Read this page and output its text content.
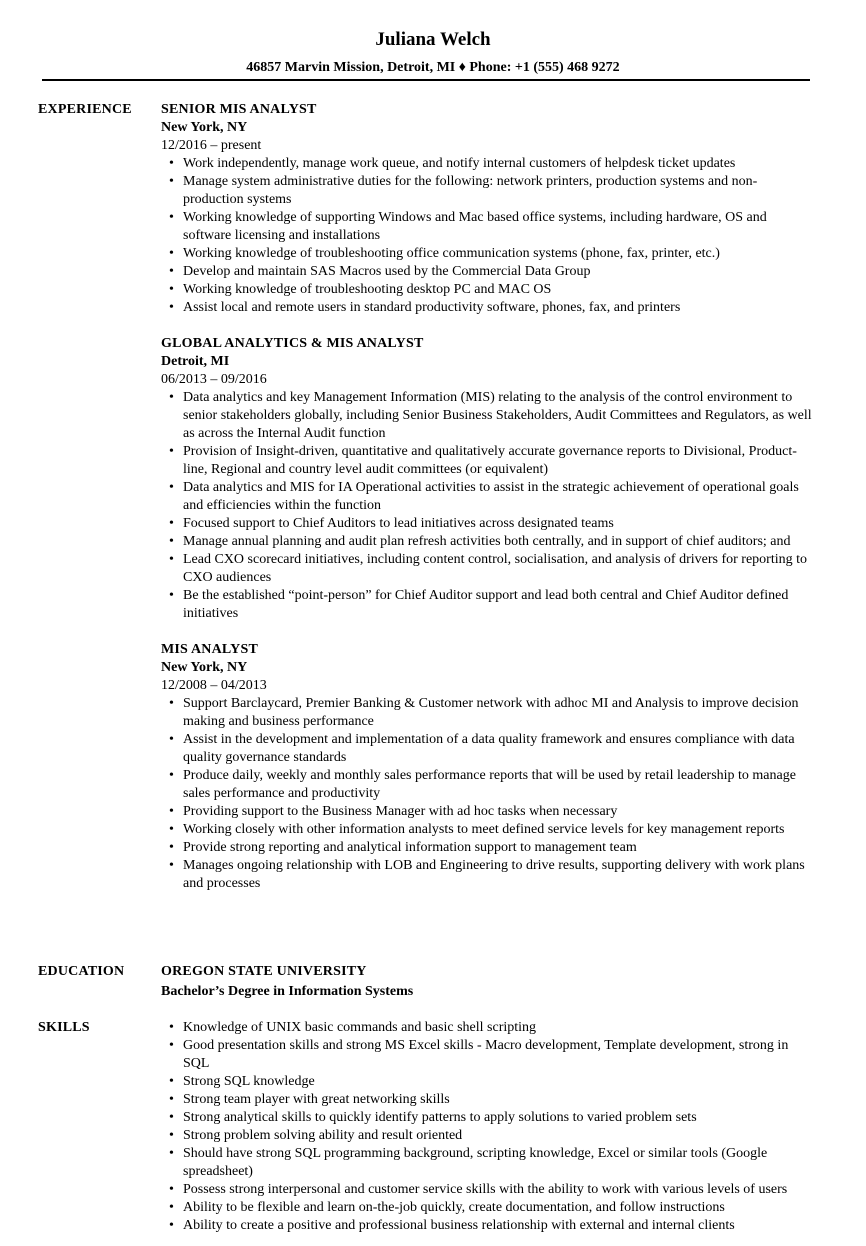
Juliana Welch
46857 Marvin Mission, Detroit, MI ♦ Phone: +1 (555) 468 9272
EXPERIENCE SENIOR MIS ANALYST
New York, NY
12/2016 – present
• Work independently, manage work queue, and notify internal customers of helpdesk ticket updates
• Manage system administrative duties for the following: network printers, production systems and non-production systems
• Working knowledge of supporting Windows and Mac based office systems, including hardware, OS and software licensing and installations
• Working knowledge of troubleshooting office communication systems (phone, fax, printer, etc.)
• Develop and maintain SAS Macros used by the Commercial Data Group
• Working knowledge of troubleshooting desktop PC and MAC OS
• Assist local and remote users in standard productivity software, phones, fax, and printers
GLOBAL ANALYTICS & MIS ANALYST
Detroit, MI
06/2013 – 09/2016
• Data analytics and key Management Information (MIS) relating to the analysis of the control environment to senior stakeholders globally, including Senior Business Stakeholders, Audit Committees and Regulators, as well as across the Internal Audit function
• Provision of Insight-driven, quantitative and qualitatively accurate governance reports to Divisional, Product-line, Regional and country level audit committees (or equivalent)
• Data analytics and MIS for IA Operational activities to assist in the strategic achievement of operational goals and efficiencies within the function
• Focused support to Chief Auditors to lead initiatives across designated teams
• Manage annual planning and audit plan refresh activities both centrally, and in support of chief auditors; and
• Lead CXO scorecard initiatives, including content control, socialisation, and analysis of drivers for reporting to CXO audiences
• Be the established “point-person” for Chief Auditor support and lead both central and Chief Auditor defined initiatives
MIS ANALYST
New York, NY
12/2008 – 04/2013
• Support Barclaycard, Premier Banking & Customer network with adhoc MI and Analysis to improve decision making and business performance
• Assist in the development and implementation of a data quality framework and ensures compliance with data quality governance standards
• Produce daily, weekly and monthly sales performance reports that will be used by retail leadership to manage sales performance and productivity
• Providing support to the Business Manager with ad hoc tasks when necessary
• Working closely with other information analysts to meet defined service levels for key management reports
• Provide strong reporting and analytical information support to management team
• Manages ongoing relationship with LOB and Engineering to drive results, supporting delivery with work plans and processes
EDUCATION	OREGON STATE UNIVERSITY
Bachelor’s Degree in Information Systems
SKILLS
•	Knowledge of UNIX basic commands and basic shell scripting
• Good presentation skills and strong MS Excel skills - Macro development, Template development, strong in SQL
• Strong SQL knowledge
• Strong team player with great networking skills
• Strong analytical skills to quickly identify patterns to apply solutions to varied problem sets
• Strong problem solving ability and result oriented
• Should have strong SQL programming background, scripting knowledge, Excel or similar tools (Google spreadsheet)
• Possess strong interpersonal and customer service skills with the ability to work with various levels of users
• Ability to be flexible and learn on-the-job quickly, create documentation, and follow instructions
• Ability to create a positive and professional business relationship with external and internal clients
